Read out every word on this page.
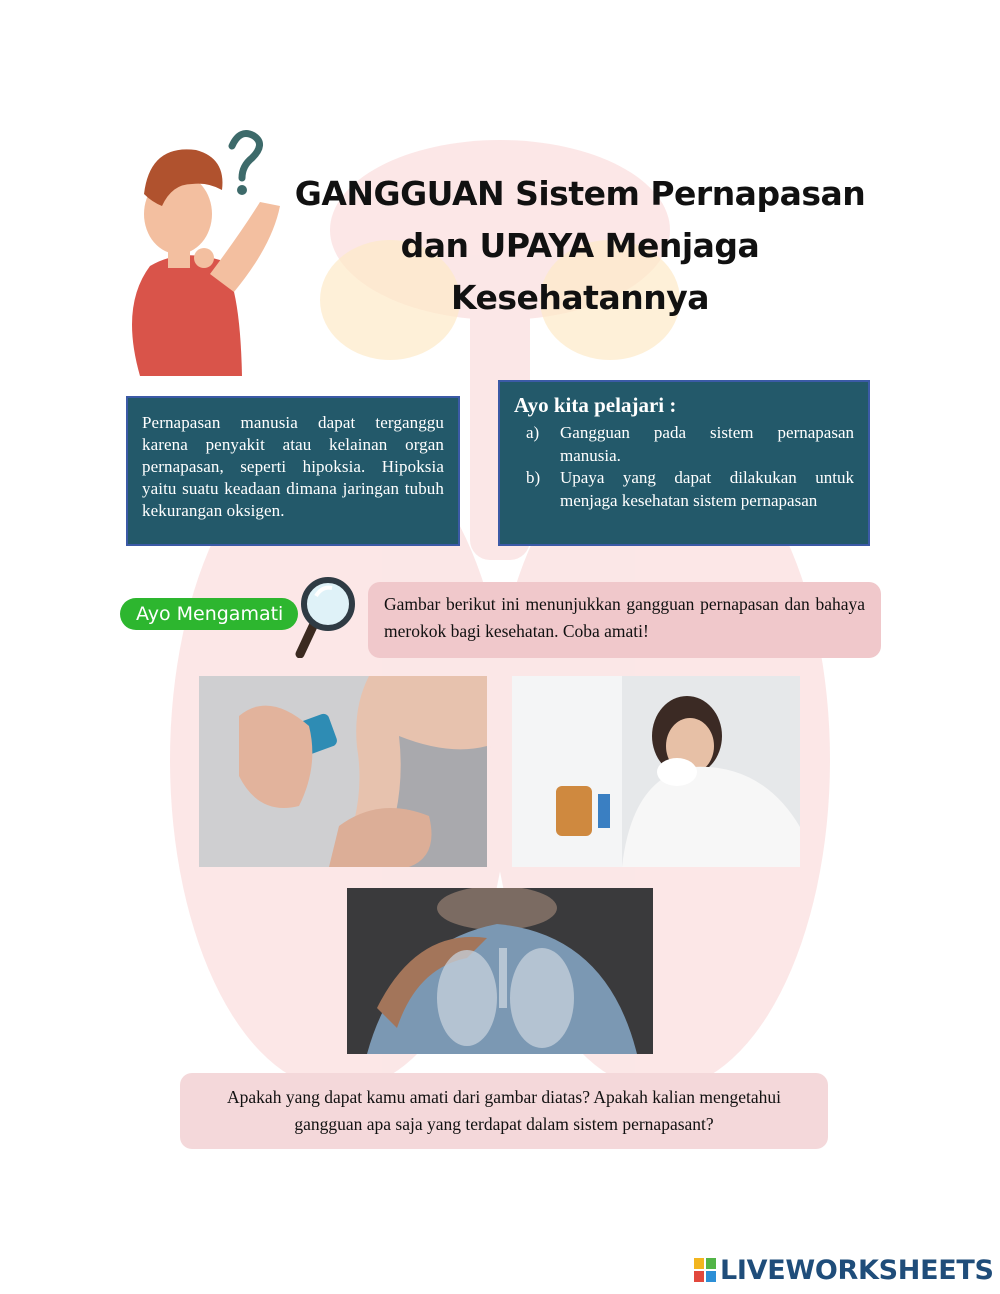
GANGGUAN Sistem Pernapasan
dan UPAYA Menjaga
Kesehatannya

Pernapasan manusia dapat terganggu karena penyakit atau kelainan organ pernapasan, seperti hipoksia. Hipoksia yaitu suatu keadaan dimana jaringan tubuh kekurangan oksigen.

Ayo kita pelajari :
a)	Gangguan pada sistem pernapasan manusia.
b)	Upaya yang dapat dilakukan untuk menjaga kesehatan sistem pernapasan
Ayo Mengamati	Gambar berikut ini menunjukkan gangguan pernapasan dan bahaya merokok bagi kesehatan. Coba amati!

Apakah yang dapat kamu amati dari gambar diatas? Apakah kalian mengetahui gangguan apa saja yang terdapat dalam sistem pernapasant?

LIVEWORKSHEETS
